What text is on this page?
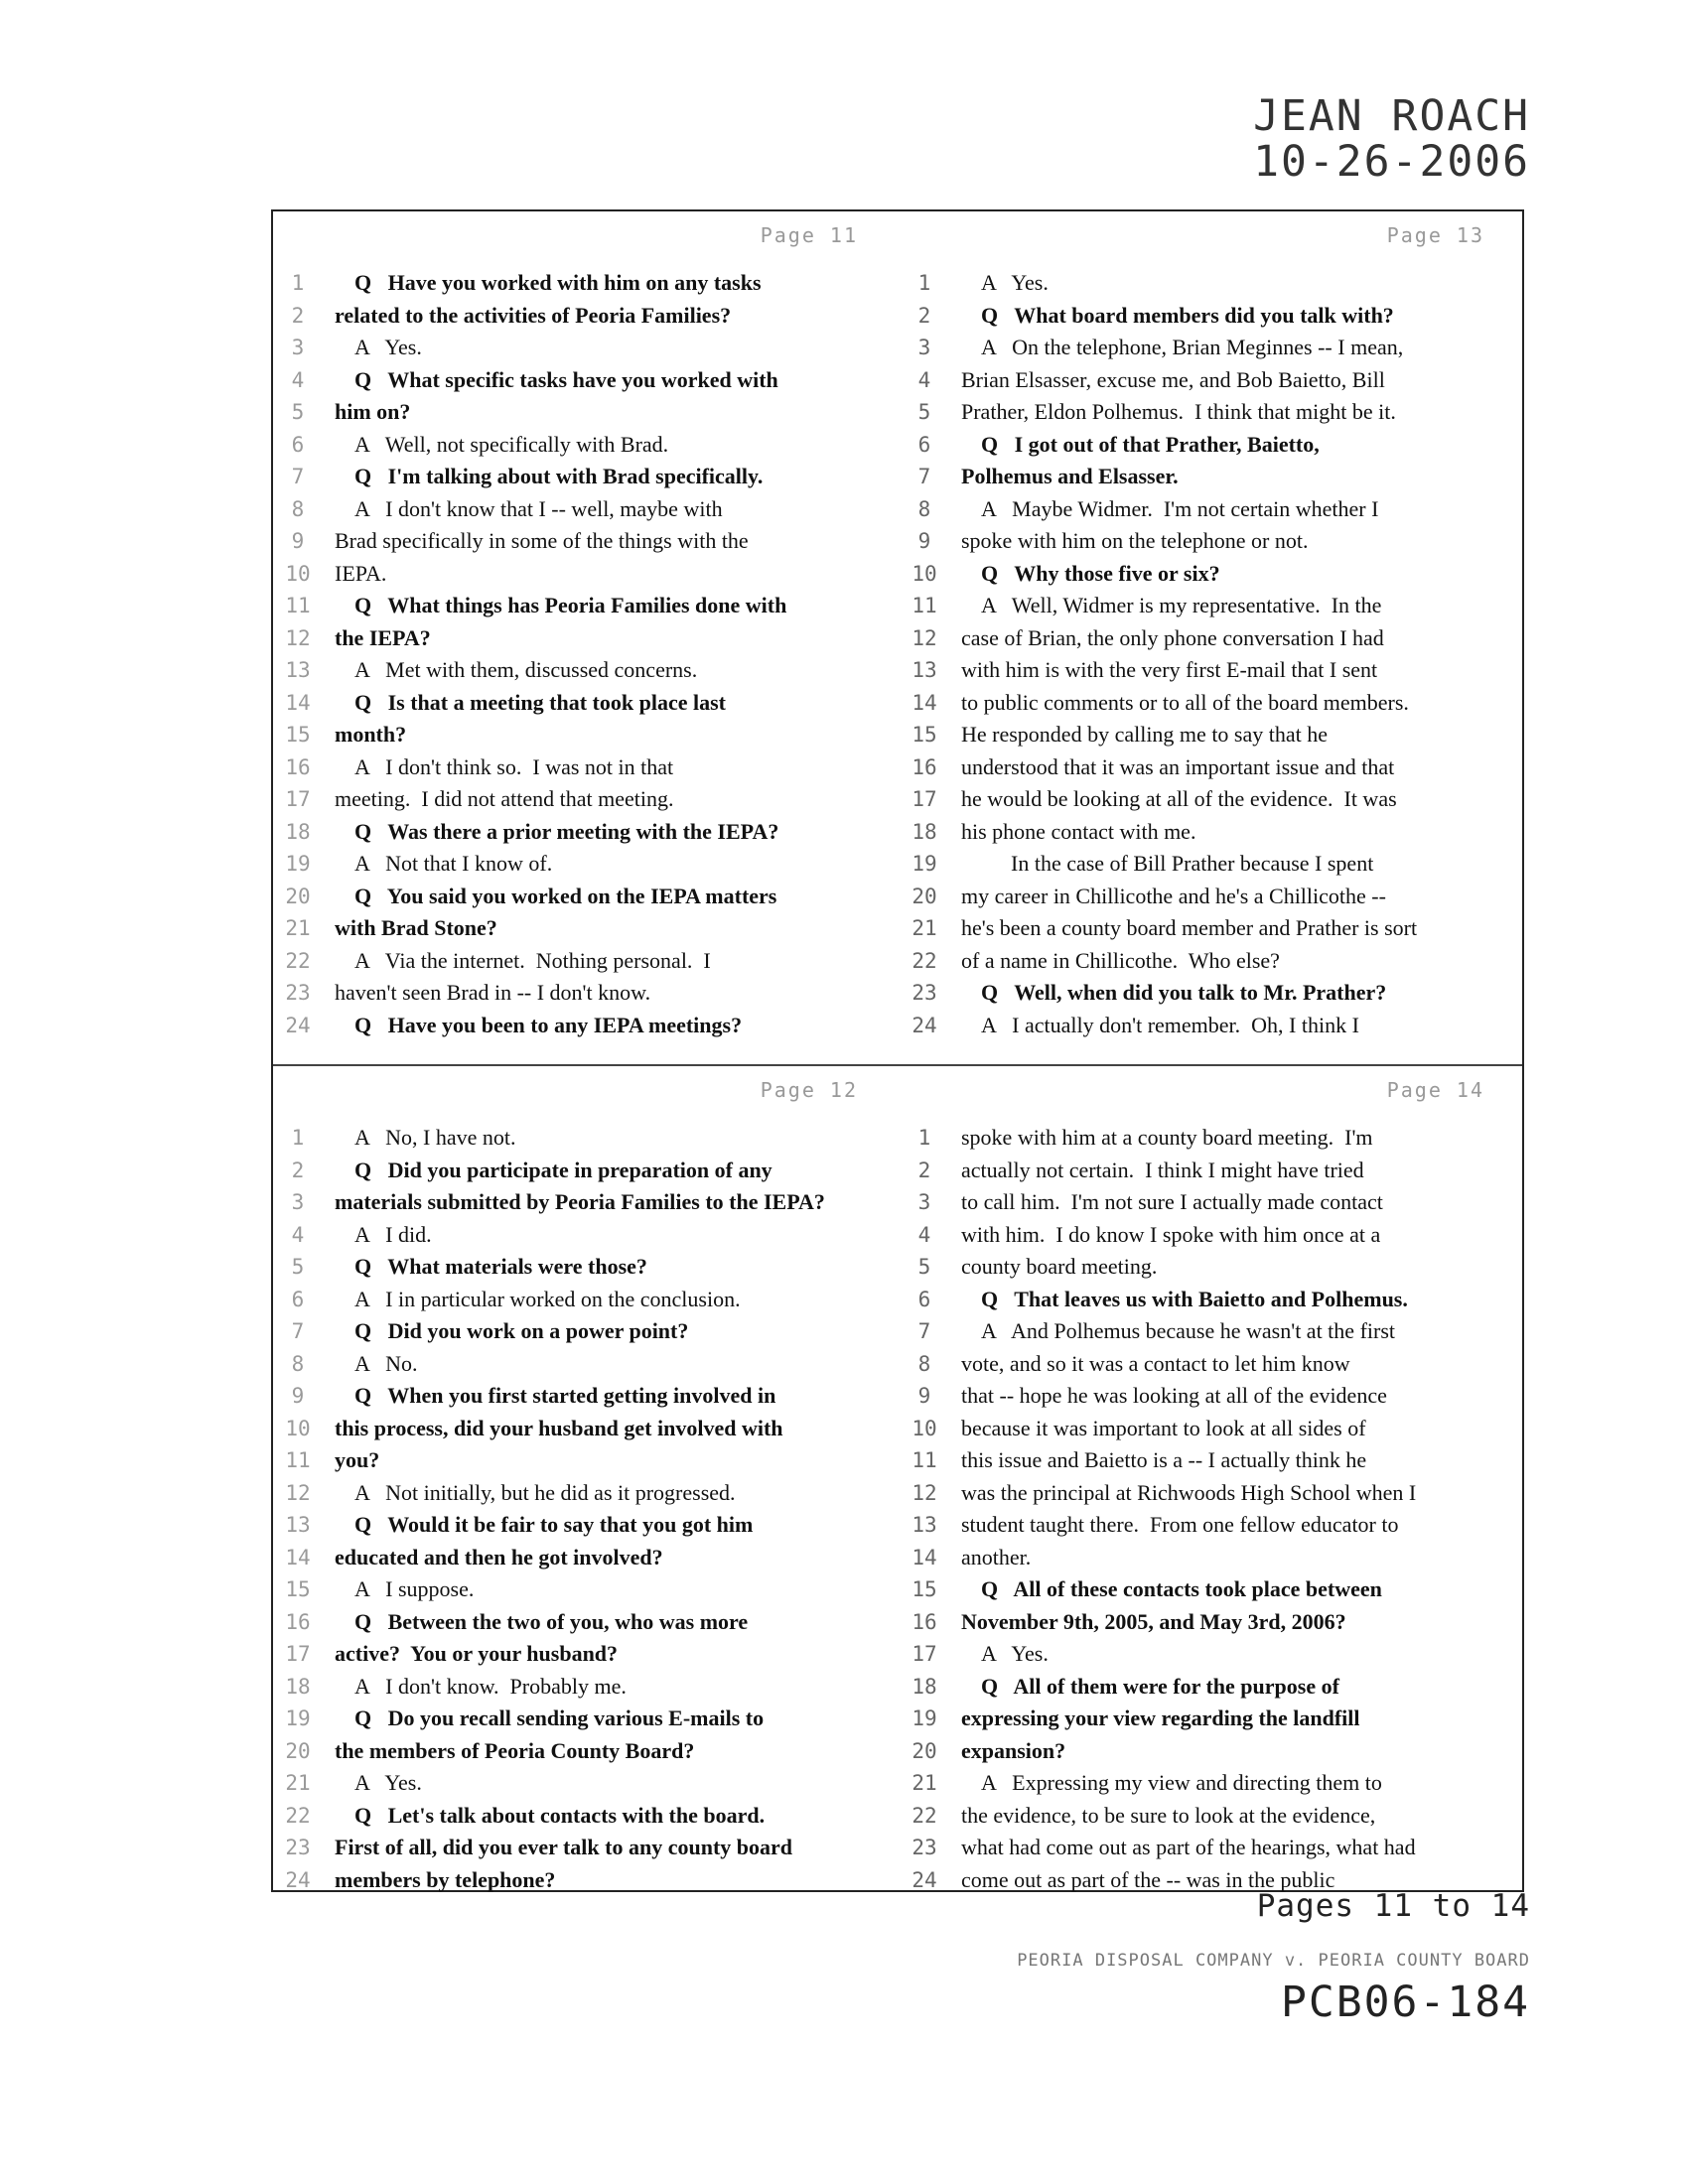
JEAN ROACH
10-26-2006
Page 11
1	Q   Have you worked with him on any tasks
2	related to the activities of Peoria Families?
3	A   Yes.
4	Q   What specific tasks have you worked with
5	him on?
6	A   Well, not specifically with Brad.
7	Q   I'm talking about with Brad specifically.
8	A   I don't know that I -- well, maybe with
9	Brad specifically in some of the things with the
10	IEPA.
11	Q   What things has Peoria Families done with
12	the IEPA?
13	A   Met with them, discussed concerns.
14	Q   Is that a meeting that took place last
15	month?
16	A   I don't think so.  I was not in that
17	meeting.  I did not attend that meeting.
18	Q   Was there a prior meeting with the IEPA?
19	A   Not that I know of.
20	Q   You said you worked on the IEPA matters
21	with Brad Stone?
22	A   Via the internet.  Nothing personal.  I
23	haven't seen Brad in -- I don't know.
24	Q   Have you been to any IEPA meetings?
Page 13
1	A   Yes.
2	Q   What board members did you talk with?
3	A   On the telephone, Brian Meginnes -- I mean,
4	Brian Elsasser, excuse me, and Bob Baietto, Bill
5	Prather, Eldon Polhemus.  I think that might be it.
6	Q   I got out of that Prather, Baietto,
7	Polhemus and Elsasser.
8	A   Maybe Widmer.  I'm not certain whether I
9	spoke with him on the telephone or not.
10	Q   Why those five or six?
11	A   Well, Widmer is my representative.  In the
12	case of Brian, the only phone conversation I had
13	with him is with the very first E-mail that I sent
14	to public comments or to all of the board members.
15	He responded by calling me to say that he
16	understood that it was an important issue and that
17	he would be looking at all of the evidence.  It was
18	his phone contact with me.
19	In the case of Bill Prather because I spent
20	my career in Chillicothe and he's a Chillicothe --
21	he's been a county board member and Prather is sort
22	of a name in Chillicothe.  Who else?
23	Q   Well, when did you talk to Mr. Prather?
24	A   I actually don't remember.  Oh, I think I
Page 12
1	A   No, I have not.
2	Q   Did you participate in preparation of any
3	materials submitted by Peoria Families to the IEPA?
4	A   I did.
5	Q   What materials were those?
6	A   I in particular worked on the conclusion.
7	Q   Did you work on a power point?
8	A   No.
9	Q   When you first started getting involved in
10	this process, did your husband get involved with
11	you?
12	A   Not initially, but he did as it progressed.
13	Q   Would it be fair to say that you got him
14	educated and then he got involved?
15	A   I suppose.
16	Q   Between the two of you, who was more
17	active?  You or your husband?
18	A   I don't know.  Probably me.
19	Q   Do you recall sending various E-mails to
20	the members of Peoria County Board?
21	A   Yes.
22	Q   Let's talk about contacts with the board.
23	First of all, did you ever talk to any county board
24	members by telephone?
Page 14
1	spoke with him at a county board meeting.  I'm
2	actually not certain.  I think I might have tried
3	to call him.  I'm not sure I actually made contact
4	with him.  I do know I spoke with him once at a
5	county board meeting.
6	Q   That leaves us with Baietto and Polhemus.
7	A   And Polhemus because he wasn't at the first
8	vote, and so it was a contact to let him know
9	that -- hope he was looking at all of the evidence
10	because it was important to look at all sides of
11	this issue and Baietto is a -- I actually think he
12	was the principal at Richwoods High School when I
13	student taught there.  From one fellow educator to
14	another.
15	Q   All of these contacts took place between
16	November 9th, 2005, and May 3rd, 2006?
17	A   Yes.
18	Q   All of them were for the purpose of
19	expressing your view regarding the landfill
20	expansion?
21	A   Expressing my view and directing them to
22	the evidence, to be sure to look at the evidence,
23	what had come out as part of the hearings, what had
24	come out as part of the -- was in the public
Pages 11 to 14
PEORIA DISPOSAL COMPANY v. PEORIA COUNTY BOARD
PCB06-184
